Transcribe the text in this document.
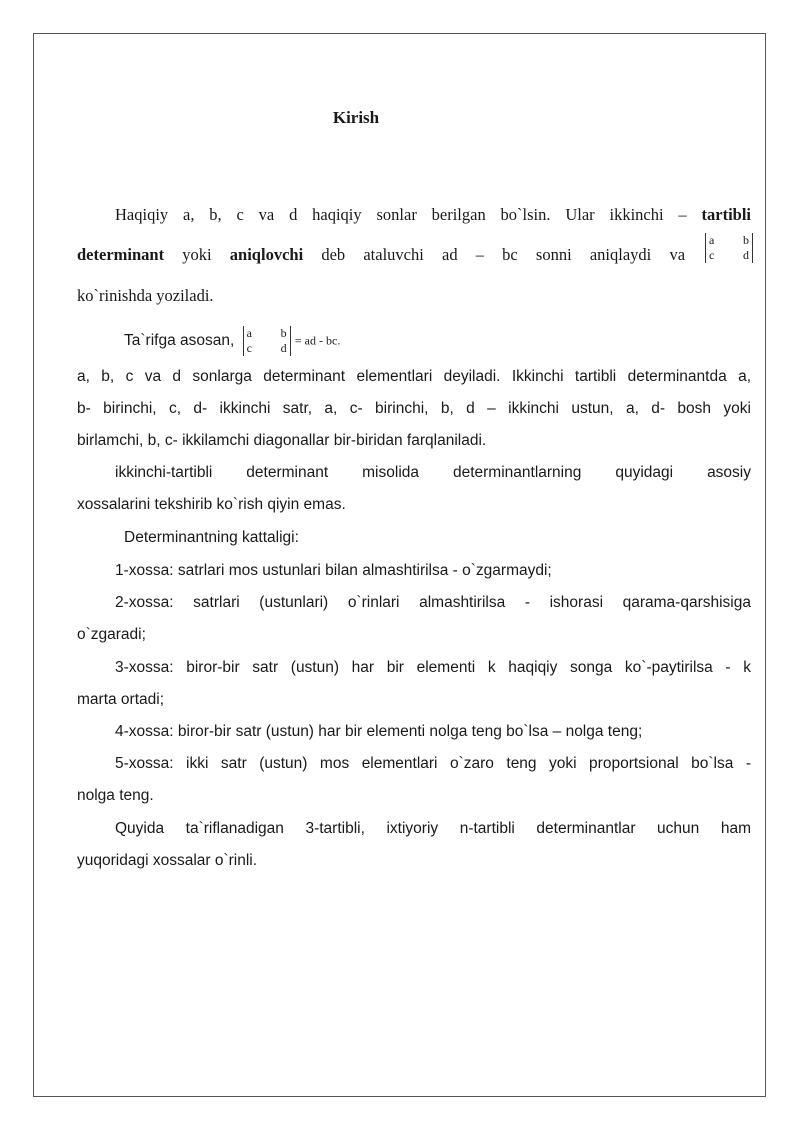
Kirish
Haqiqiy a, b, c va d haqiqiy sonlar berilgan bo`lsin. Ular ikkinchi – tartibli
determinant yoki aniqlovchi deb ataluvchi ad – bc sonni aniqlaydi va
a b
c d
ko`rinishda yoziladi.
Ta`rifga asosan, a b
c d = ad - bc.
a, b, c va d sonlarga determinant elementlari deyiladi. Ikkinchi tartibli determinantda a,
b- birinchi, c, d- ikkinchi satr, a, c- birinchi, b, d – ikkinchi ustun, a, d- bosh yoki
birlamchi, b, c- ikkilamchi diagonallar bir-biridan farqlaniladi.
ikkinchi-tartibli determinant misolida determinantlarning quyidagi asosiy
xossalarini tekshirib ko`rish qiyin emas.
Determinantning kattaligi:
1-xossa: satrlari mos ustunlari bilan almashtirilsa - o`zgarmaydi;
2-xossa: satrlari (ustunlari) o`rinlari almashtirilsa - ishorasi qarama-qarshisiga
o`zgaradi;
3-xossa: biror-bir satr (ustun) har bir elementi k haqiqiy songa ko`-paytirilsa - k
marta ortadi;
4-xossa: biror-bir satr (ustun) har bir elementi nolga teng bo`lsa – nolga teng;
5-xossa: ikki satr (ustun) mos elementlari o`zaro teng yoki proportsional bo`lsa -
nolga teng.
Quyida ta`riflanadigan 3-tartibli, ixtiyoriy n-tartibli determinantlar uchun ham
yuqoridagi xossalar o`rinli.
